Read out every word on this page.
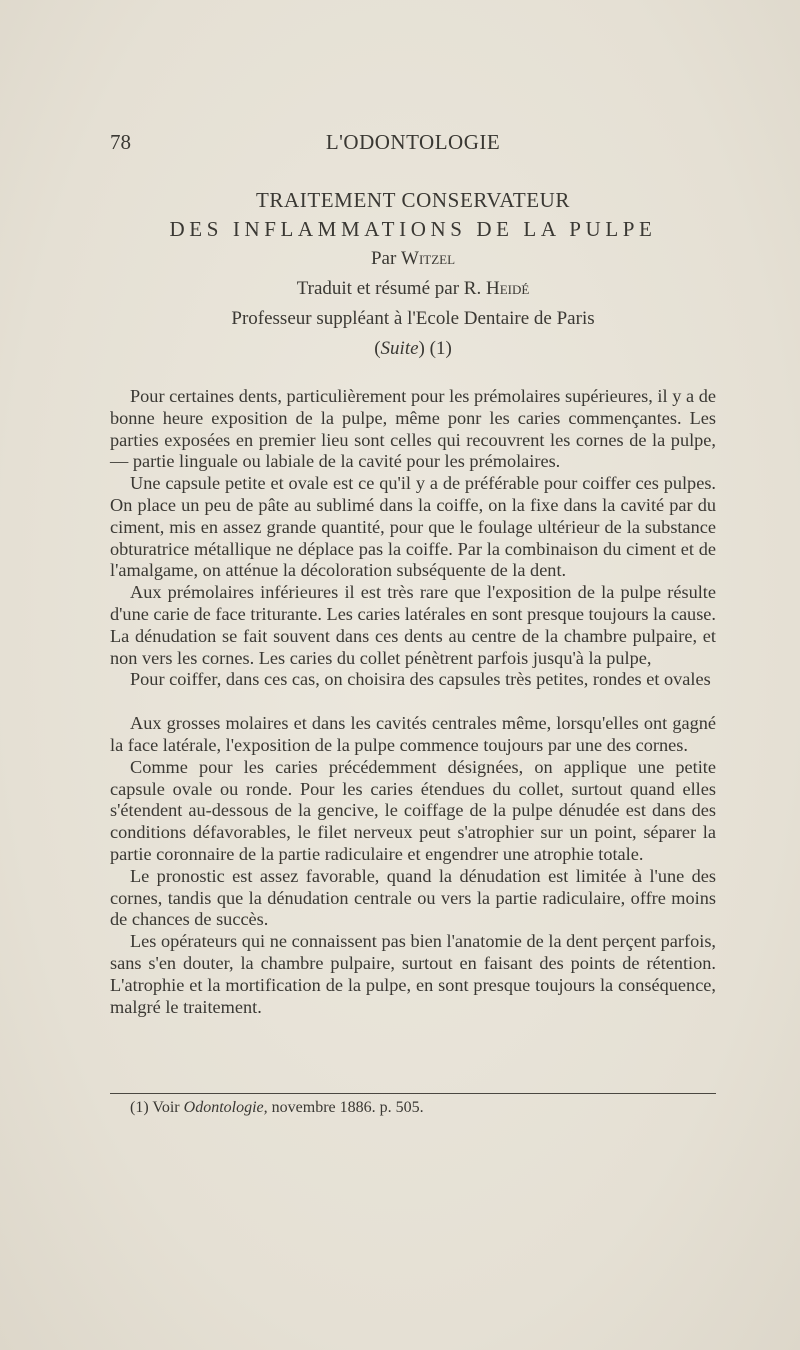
78	L'ODONTOLOGIE
TRAITEMENT CONSERVATEUR
DES INFLAMMATIONS DE LA PULPE
Par Witzel
Traduit et résumé par R. Heidé
Professeur suppléant à l'Ecole Dentaire de Paris
(Suite) (1)

Pour certaines dents, particulièrement pour les prémolaires supérieures, il y a de bonne heure exposition de la pulpe, même ponr les caries commençantes. Les parties exposées en premier lieu sont celles qui recouvrent les cornes de la pulpe,— partie linguale ou labiale de la cavité pour les prémolaires.

Une capsule petite et ovale est ce qu'il y a de préférable pour coiffer ces pulpes. On place un peu de pâte au sublimé dans la coiffe, on la fixe dans la cavité par du ciment, mis en assez grande quantité, pour que le foulage ultérieur de la substance obturatrice métallique ne déplace pas la coiffe. Par la combinaison du ciment et de l'amalgame, on atténue la décoloration subséquente de la dent.

Aux prémolaires inférieures il est très rare que l'exposition de la pulpe résulte d'une carie de face triturante. Les caries latérales en sont presque toujours la cause. La dénudation se fait souvent dans ces dents au centre de la chambre pulpaire, et non vers les cornes. Les caries du collet pénètrent parfois jusqu'à la pulpe,

Pour coiffer, dans ces cas, on choisira des capsules très petites, rondes et ovales

Aux grosses molaires et dans les cavités centrales même, lorsqu'elles ont gagné la face latérale, l'exposition de la pulpe commence toujours par une des cornes.

Comme pour les caries précédemment désignées, on applique une petite capsule ovale ou ronde. Pour les caries étendues du collet, surtout quand elles s'étendent au-dessous de la gencive, le coiffage de la pulpe dénudée est dans des conditions défavorables, le filet nerveux peut s'atrophier sur un point, séparer la partie coronnaire de la partie radiculaire et engendrer une atrophie totale.

Le pronostic est assez favorable, quand la dénudation est limitée à l'une des cornes, tandis que la dénudation centrale ou vers la partie radiculaire, offre moins de chances de succès.

Les opérateurs qui ne connaissent pas bien l'anatomie de la dent perçent parfois, sans s'en douter, la chambre pulpaire, surtout en faisant des points de rétention. L'atrophie et la mortification de la pulpe, en sont presque toujours la conséquence, malgré le traitement.

(1) Voir Odontologie, novembre 1886. p. 505.
